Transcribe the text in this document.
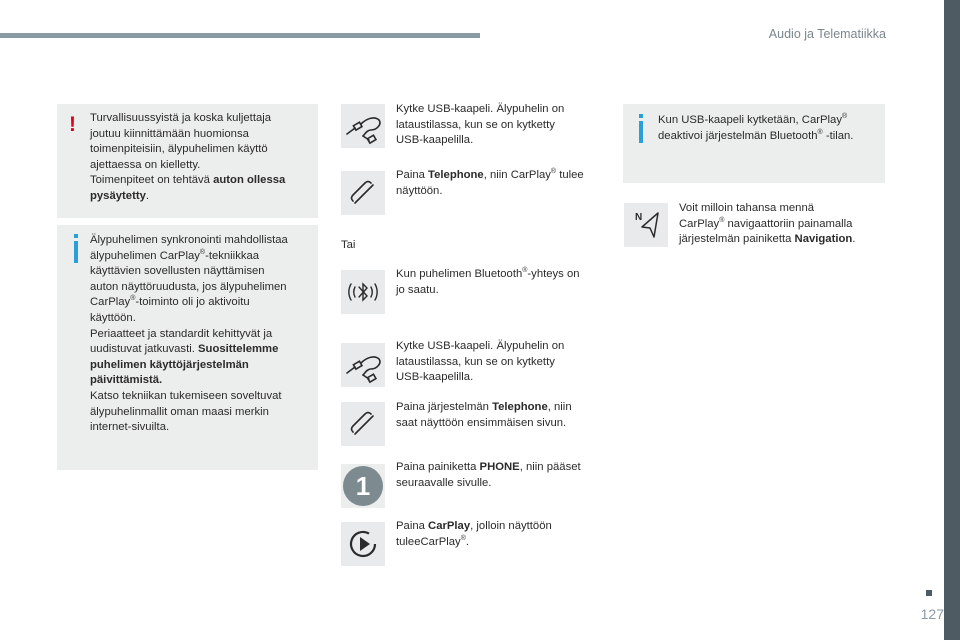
Audio ja Telematiikka
127
! Turvallisuussyistä ja koska kuljettaja
joutuu kiinnittämään huomionsa
toimenpiteisiin, älypuhelimen käyttö
ajettaessa on kielletty.
Toimenpiteet on tehtävä auton ollessa
pysäytetty.
Älypuhelimen synkronointi mahdollistaa
älypuhelimen CarPlay®-tekniikkaa
käyttävien sovellusten näyttämisen
auton näyttöruudusta, jos älypuhelimen
CarPlay®-toiminto oli jo aktivoitu
käyttöön.
Periaatteet ja standardit kehittyvät ja
uudistuvat jatkuvasti. Suosittelemme
puhelimen käyttöjärjestelmän
päivittämistä.
Katso tekniikan tukemiseen soveltuvat
älypuhelinmallit oman maasi merkin
internet-sivuilta.
Kytke USB-kaapeli. Älypuhelin on
lataustilassa, kun se on kytketty
USB-kaapelilla.
Paina Telephone, niin CarPlay® tulee
näyttöön.
Tai
Kun puhelimen Bluetooth®-yhteys on
jo saatu.
Kytke USB-kaapeli. Älypuhelin on
lataustilassa, kun se on kytketty
USB-kaapelilla.
Paina järjestelmän Telephone, niin
saat näyttöön ensimmäisen sivun.
1
Paina painiketta PHONE, niin pääset
seuraavalle sivulle.
Paina CarPlay, jolloin näyttöön
tuleeCarPlay®.
Kun USB-kaapeli kytketään, CarPlay®
deaktivoi järjestelmän Bluetooth® -tilan.
N
Voit milloin tahansa mennä
CarPlay® navigaattoriin painamalla
järjestelmän painiketta Navigation.
